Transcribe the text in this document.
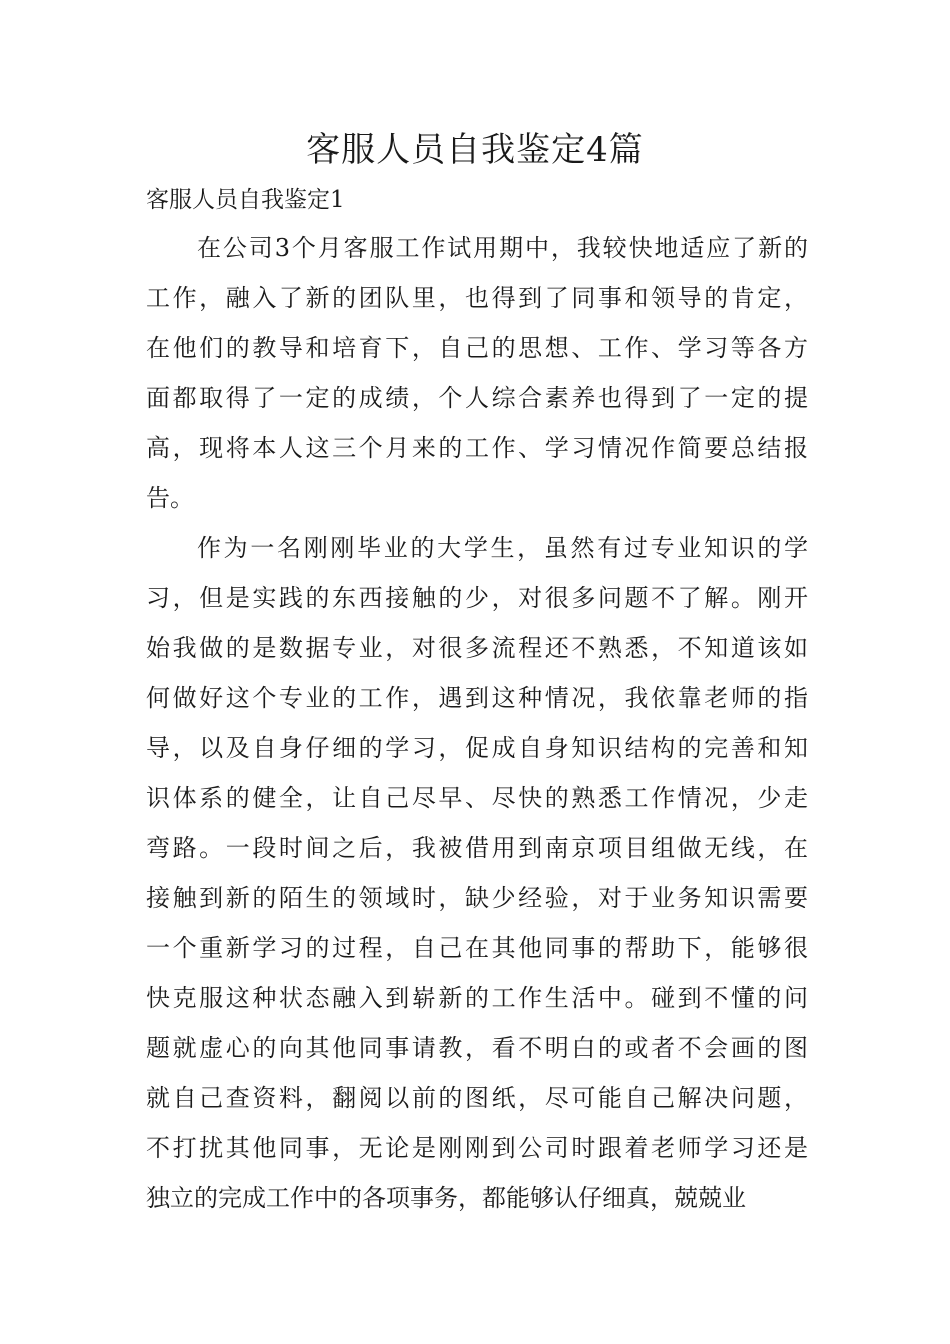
客服人员自我鉴定4篇
客服人员自我鉴定1

在公司3个月客服工作试用期中，我较快地适应了新的

工作，融入了新的团队里，也得到了同事和领导的肯定，

在他们的教导和培育下，自己的思想、工作、学习等各方

面都取得了一定的成绩，个人综合素养也得到了一定的提

高，现将本人这三个月来的工作、学习情况作简要总结报

告。

作为一名刚刚毕业的大学生，虽然有过专业知识的学

习，但是实践的东西接触的少，对很多问题不了解。刚开

始我做的是数据专业，对很多流程还不熟悉，不知道该如

何做好这个专业的工作，遇到这种情况，我依靠老师的指

导，以及自身仔细的学习，促成自身知识结构的完善和知

识体系的健全，让自己尽早、尽快的熟悉工作情况，少走

弯路。一段时间之后，我被借用到南京项目组做无线，在

接触到新的陌生的领域时，缺少经验，对于业务知识需要

一个重新学习的过程，自己在其他同事的帮助下，能够很

快克服这种状态融入到崭新的工作生活中。碰到不懂的问

题就虚心的向其他同事请教，看不明白的或者不会画的图

就自己查资料，翻阅以前的图纸，尽可能自己解决问题，

不打扰其他同事，无论是刚刚到公司时跟着老师学习还是

独立的完成工作中的各项事务，都能够认仔细真，兢兢业
